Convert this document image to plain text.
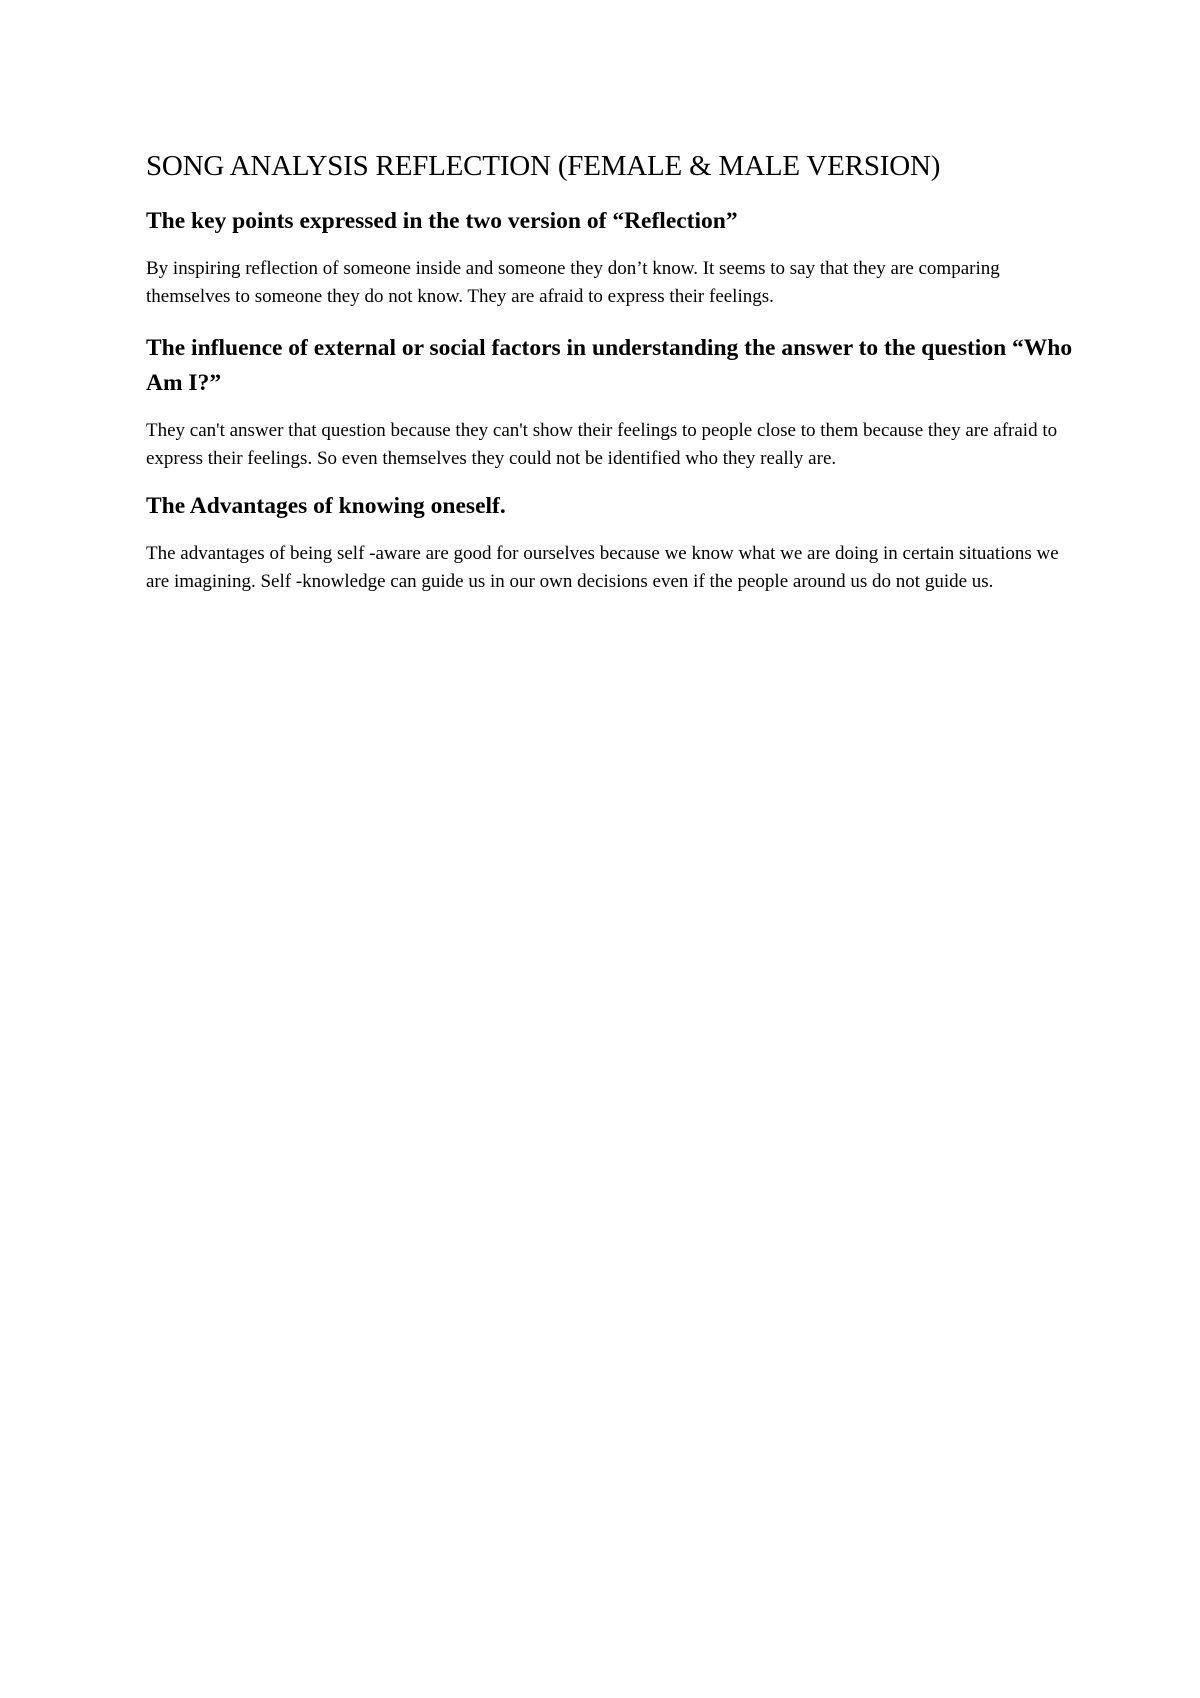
SONG ANALYSIS REFLECTION (FEMALE & MALE VERSION)
The key points expressed in the two version of “Reflection”

By inspiring reflection of someone inside and someone they don’t know. It seems to say that they are comparing themselves to someone they do not know. They are afraid to express their feelings.

The influence of external or social factors in understanding the answer to the question “Who Am I?”

They can't answer that question because they can't show their feelings to people close to them because they are afraid to express their feelings. So even themselves they could not be identified who they really are.

The Advantages of knowing oneself.

The advantages of being self -aware are good for ourselves because we know what we are doing in certain situations we are imagining. Self -knowledge can guide us in our own decisions even if the people around us do not guide us.
